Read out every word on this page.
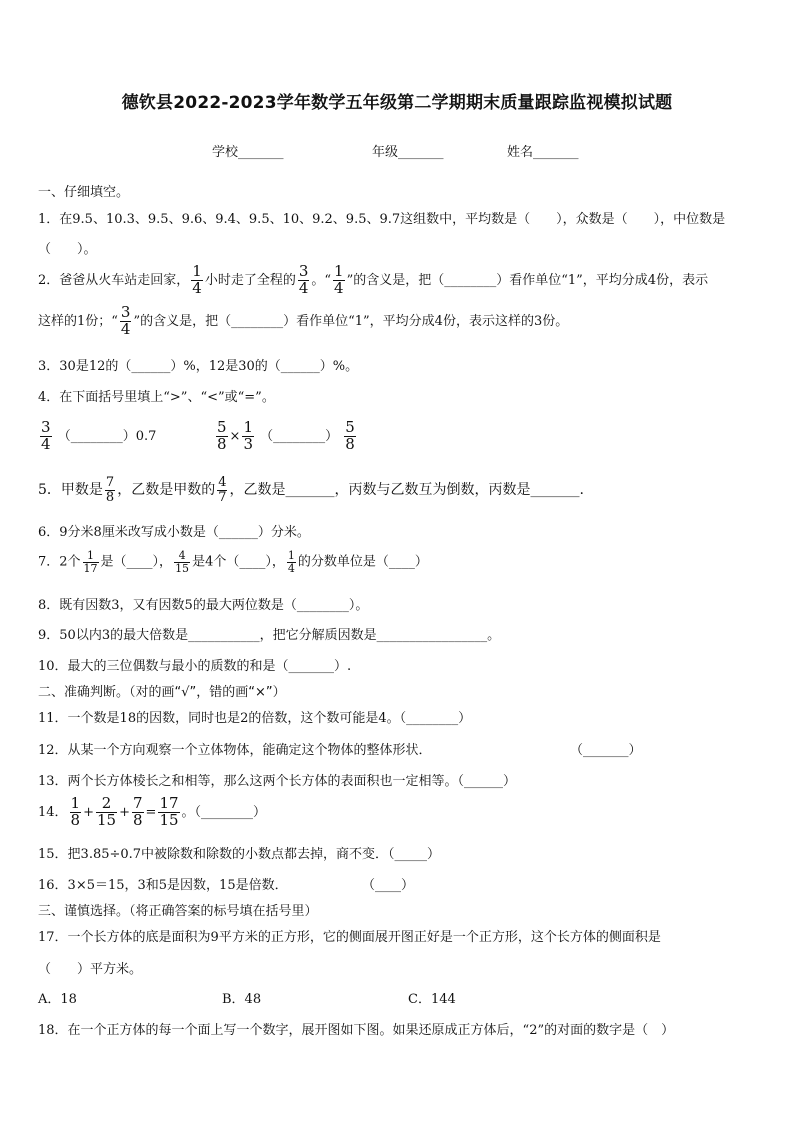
德钦县2022-2023学年数学五年级第二学期期末质量跟踪监视模拟试题
学校_______	年级_______	姓名_______
一、仔细填空。
1．在9.5、10.3、9.5、9.6、9.4、9.5、10、9.2、9.5、9.7这组数中，平均数是（　　），众数是（　　），中位数是
（　　）。
2．爸爸从火车站走回家， $\frac{1}{4}$ 小时走了全程的 $\frac{3}{4}$ 。“ $\frac{1}{4}$ ”的含义是，把（________）看作单位“1”，平均分成4份，表示
这样的1份；“ $\frac{3}{4}$ ”的含义是，把（________）看作单位“1”，平均分成4份，表示这样的3份。
3．30是12的（______）%，12是30的（______）%。
4．在下面括号里填上“>”、“<”或“=”。
$\frac{3}{4}$ （________）0.7	$\frac{5}{8} \times \frac{1}{3}$ （________） $\frac{5}{8}$
5．甲数是 $\frac{7}{8}$ ，乙数是甲数的 $\frac{4}{7}$ ，乙数是_______，丙数与乙数互为倒数，丙数是_______.
6．9分米8厘米改写成小数是（______）分米。
7．2个 $\frac{1}{17}$ 是（____）， $\frac{4}{15}$ 是4个（____）， $\frac{1}{4}$ 的分数单位是（____）
8．既有因数3，又有因数5的最大两位数是（________）。
9．50以内3的最大倍数是___________，把它分解质因数是_________________。
10．最大的三位偶数与最小的质数的和是（_______）.
二、准确判断。（对的画“√”，错的画“×”）
11．一个数是18的因数，同时也是2的倍数，这个数可能是4。（________）
12．从某一个方向观察一个立体物体，能确定这个物体的整体形状．	（_______）
13．两个长方体棱长之和相等，那么这两个长方体的表面积也一定相等。（______）
14． $\frac{1}{8} + \frac{2}{15} + \frac{7}{8} = \frac{17}{15}$ 。（________）
15．把3.85÷0.7中被除数和除数的小数点都去掉，商不变．（_____）
16．3×5＝15，3和5是因数，15是倍数．	（____）
三、谨慎选择。（将正确答案的标号填在括号里）
17．一个长方体的底是面积为9平方米的正方形，它的侧面展开图正好是一个正方形，这个长方体的侧面积是
（　　）平方米。
A．18	B．48	C．144
18．在一个正方体的每一个面上写一个数字，展开图如下图。如果还原成正方体后，“2”的对面的数字是（　）
